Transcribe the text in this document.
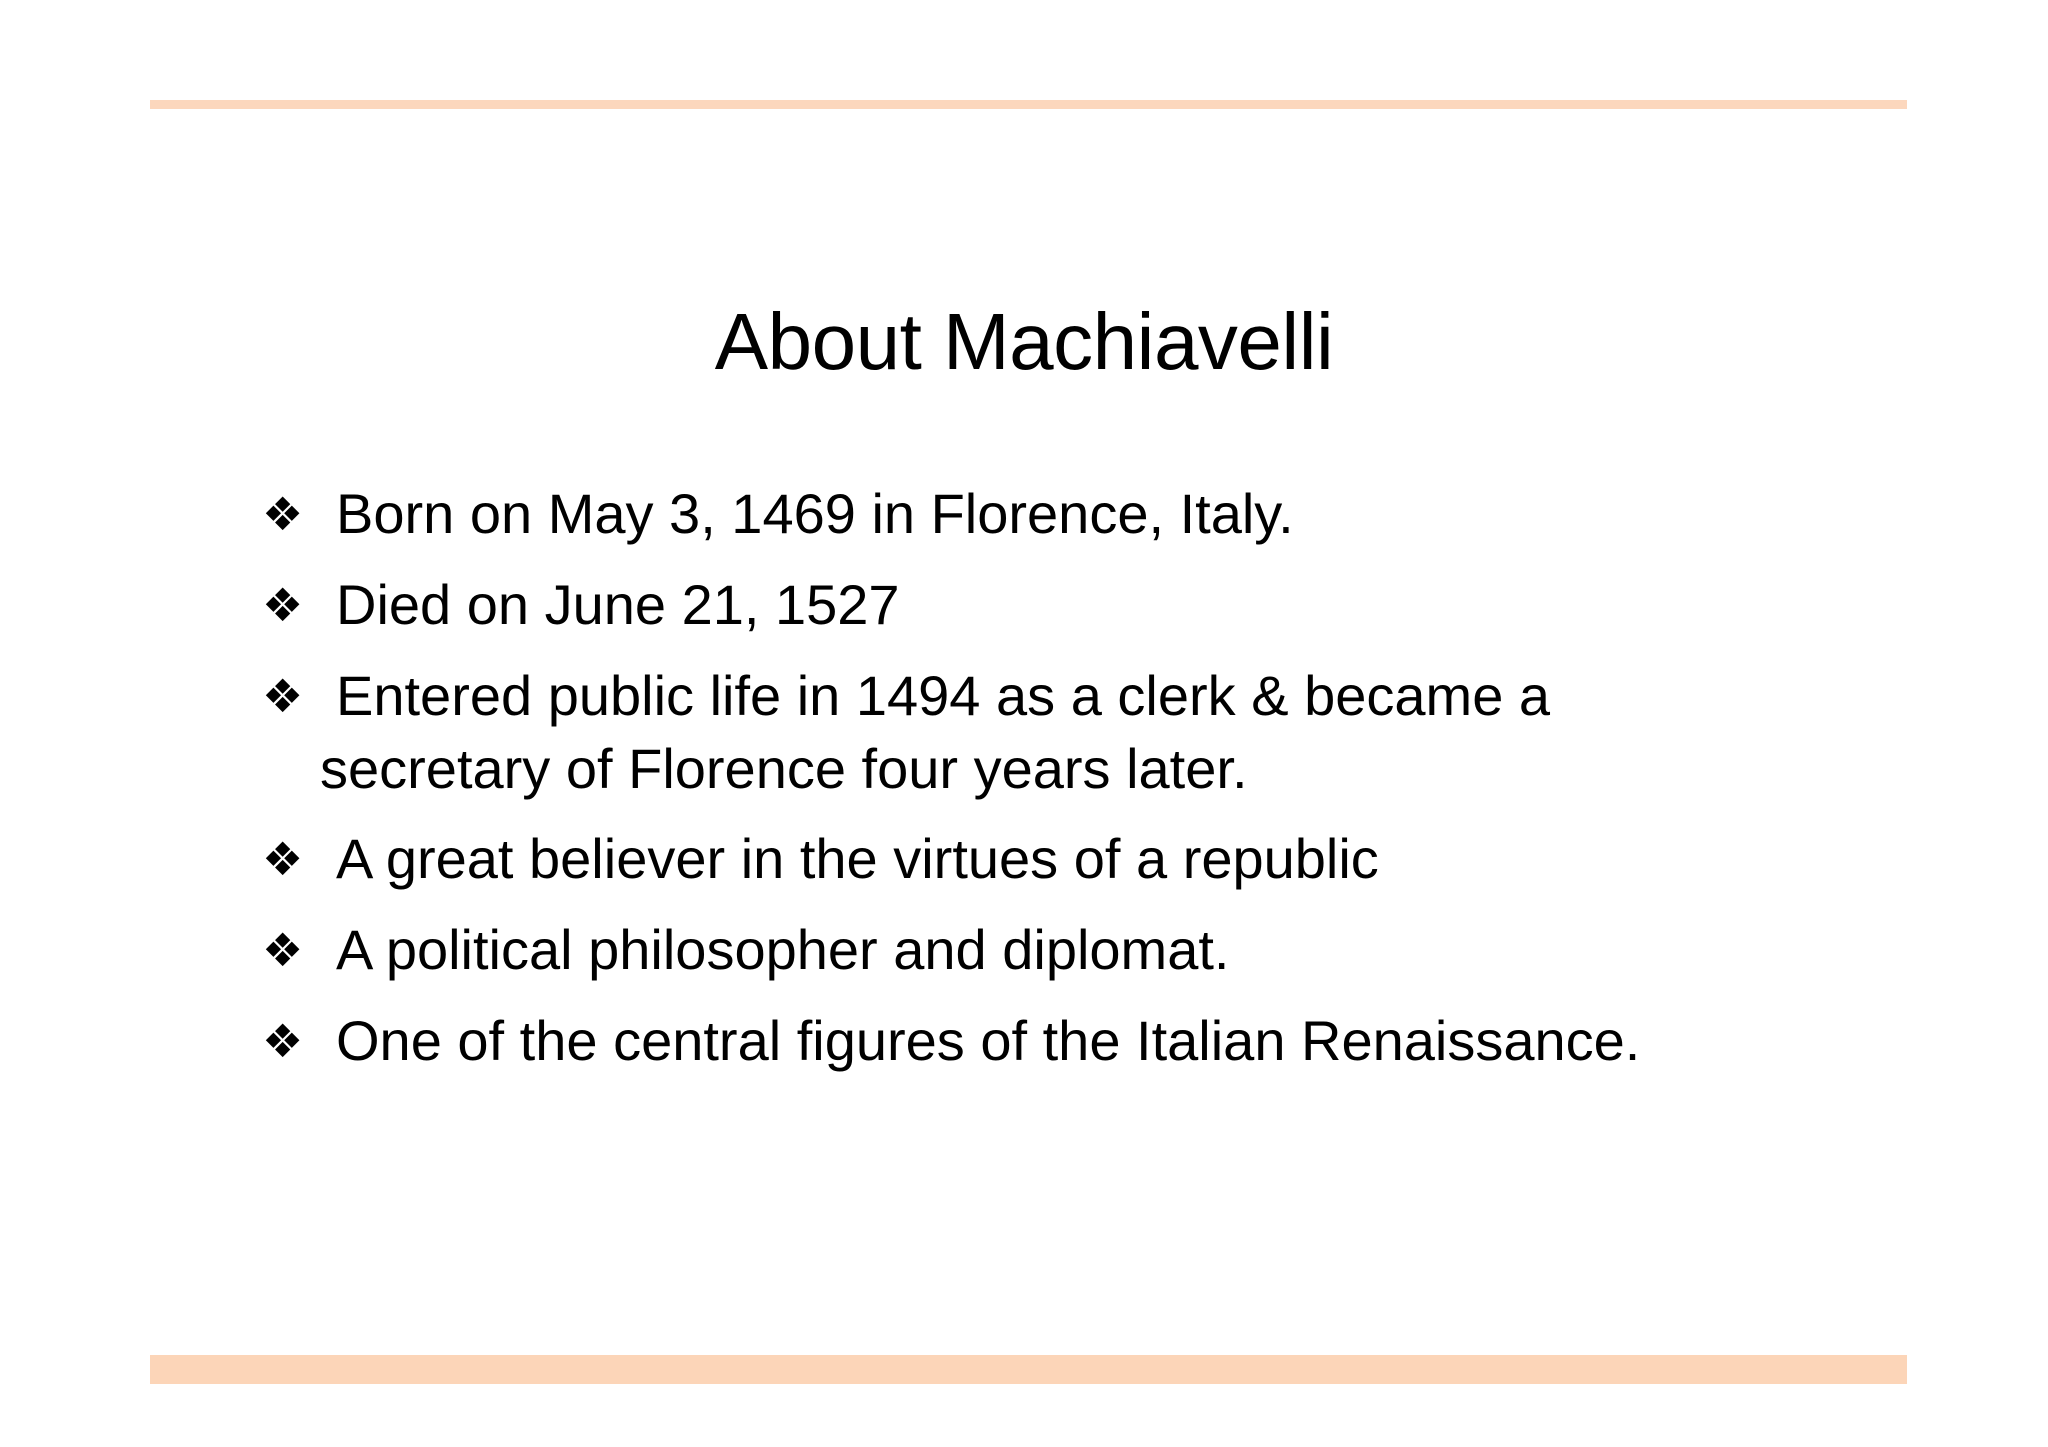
About Machiavelli
❖ Born on May 3, 1469 in Florence, Italy.
❖ Died on June 21, 1527
❖ Entered public life in 1494 as a clerk & became a
secretary of Florence four years later.
❖ A great believer in the virtues of a republic
❖ A political philosopher and diplomat.
❖ One of the central figures of the Italian Renaissance.
